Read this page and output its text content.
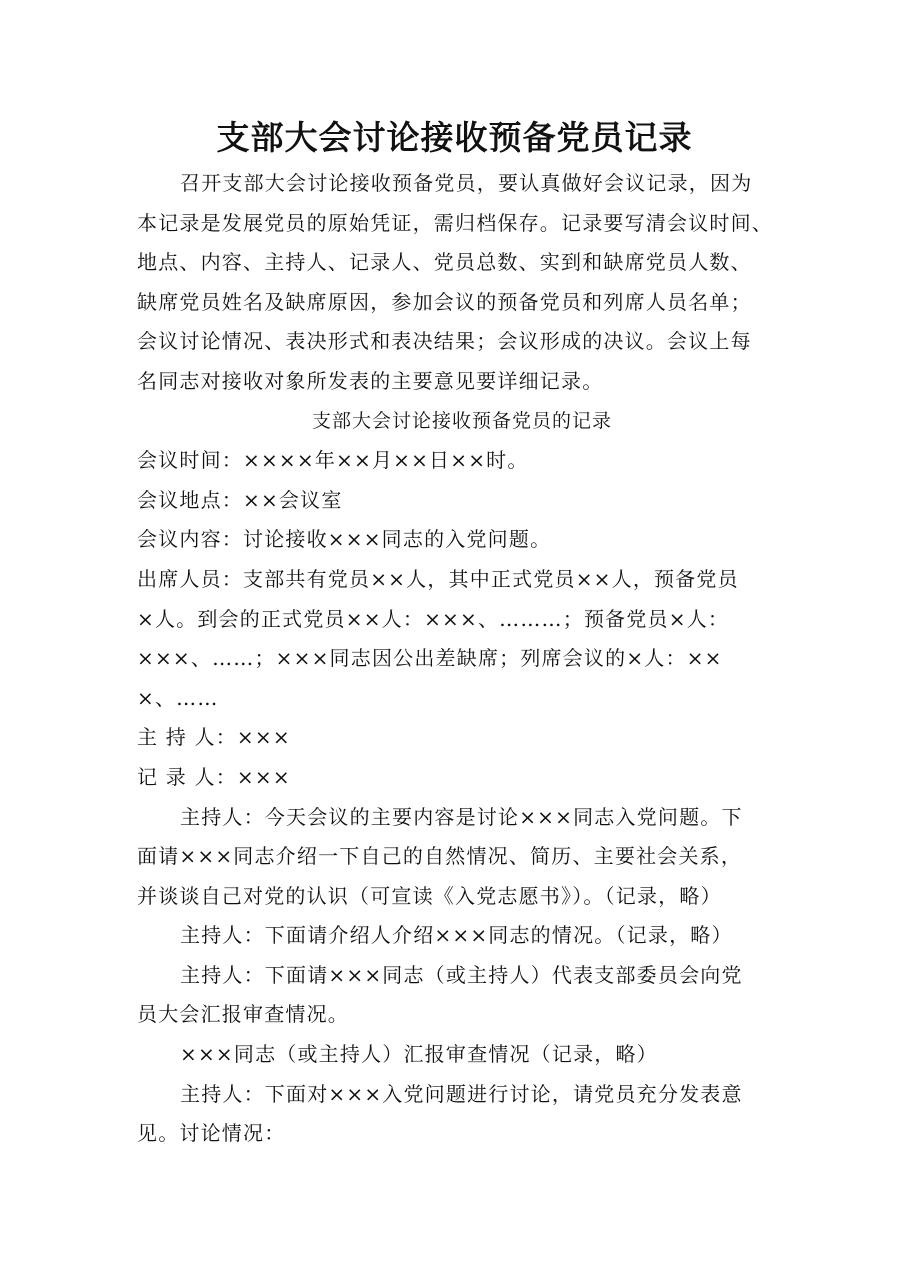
支部大会讨论接收预备党员记录

召开支部大会讨论接收预备党员，要认真做好会议记录，因为

本记录是发展党员的原始凭证，需归档保存。记录要写清会议时间、

地点、内容、主持人、记录人、党员总数、实到和缺席党员人数、

缺席党员姓名及缺席原因，参加会议的预备党员和列席人员名单；

会议讨论情况、表决形式和表决结果；会议形成的决议。会议上每

名同志对接收对象所发表的主要意见要详细记录。

支部大会讨论接收预备党员的记录

会议时间：××××年××月××日××时。

会议地点：××会议室

会议内容：讨论接收×××同志的入党问题。

出席人员：支部共有党员××人，其中正式党员××人，预备党员

×人。到会的正式党员××人：×××、………；预备党员×人：

×××、……；×××同志因公出差缺席；列席会议的×人：××

×、……

主 持 人：×××

记 录 人：×××

主持人：今天会议的主要内容是讨论×××同志入党问题。下

面请×××同志介绍一下自己的自然情况、简历、主要社会关系，

并谈谈自己对党的认识（可宣读《入党志愿书》）。（记录，略）

主持人：下面请介绍人介绍×××同志的情况。（记录，略）

主持人：下面请×××同志（或主持人）代表支部委员会向党

员大会汇报审查情况。

×××同志（或主持人）汇报审查情况（记录，略）

主持人：下面对×××入党问题进行讨论，请党员充分发表意

见。讨论情况：
